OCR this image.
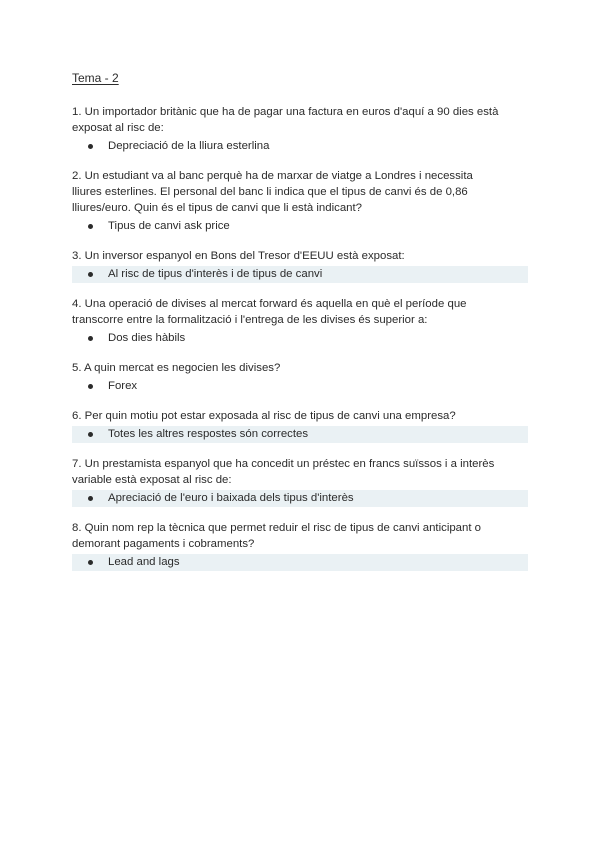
Tema - 2

1. Un importador britànic que ha de pagar una factura en euros d'aquí a 90 dies està

exposat al risc de:

Depreciació de la lliura esterlina

2. Un estudiant va al banc perquè ha de marxar de viatge a Londres i necessita

lliures esterlines. El personal del banc li indica que el tipus de canvi és de 0,86

lliures/euro. Quin és el tipus de canvi que li està indicant?

Tipus de canvi ask price

3. Un inversor espanyol en Bons del Tresor d'EEUU està exposat:

Al risc de tipus d'interès i de tipus de canvi

4. Una operació de divises al mercat forward és aquella en què el període que

transcorre entre la formalització i l'entrega de les divises és superior a:

Dos dies hàbils

5. A quin mercat es negocien les divises?

Forex

6. Per quin motiu pot estar exposada al risc de tipus de canvi una empresa?

Totes les altres respostes són correctes

7. Un prestamista espanyol que ha concedit un préstec en francs suïssos i a interès

variable està exposat al risc de:

Apreciació de l'euro i baixada dels tipus d'interès

8. Quin nom rep la tècnica que permet reduir el risc de tipus de canvi anticipant o

demorant pagaments i cobraments?

Lead and lags
